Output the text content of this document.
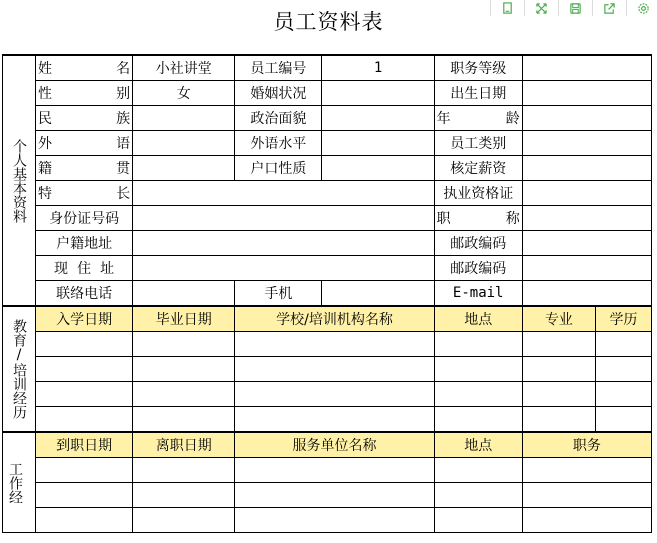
员工资料表
个人基本资料	姓名	小社讲堂	员工编号	1	职务等级		
	性别	女	婚姻状况		出生日期		
	民族		政治面貌		年龄		
	外语		外语水平		员工类别		
	籍贯		户口性质		核定薪资		
	特长				执业资格证		
	身份证号码				职称		
	户籍地址				邮政编码		
	现住址				邮政编码		
	联络电话		手机		E-mail		
教育/培训经历	入学日期	毕业日期	学校/培训机构名称		地点	专业	学历

工作经	到职日期	离职日期	服务单位名称		地点	职务	
